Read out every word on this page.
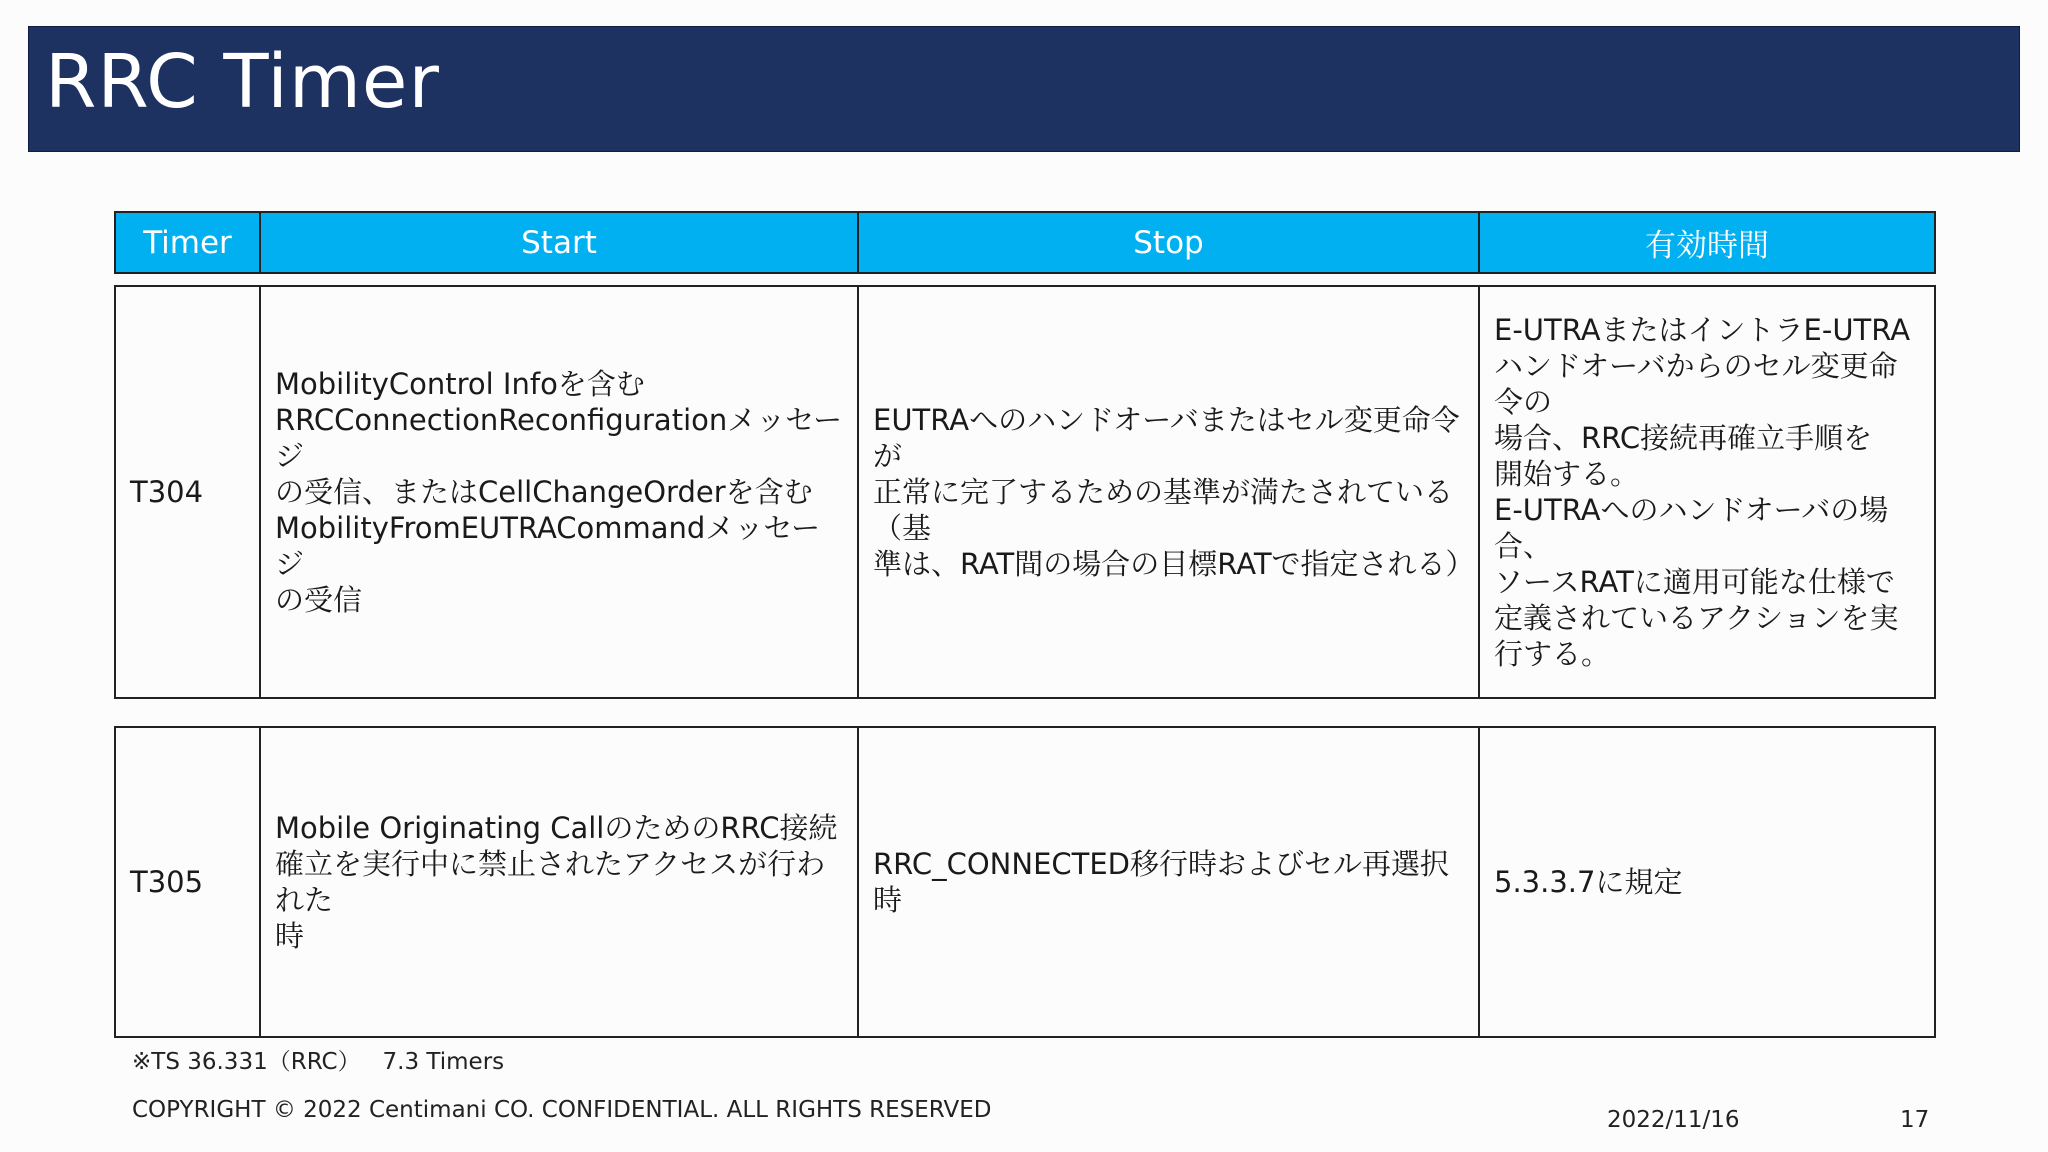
RRC Timer
Timer	Start	Stop	有効時間
T304	MobilityControl Infoを含む
RRCConnectionReconfigurationメッセージ
の受信、またはCellChangeOrderを含む
MobilityFromEUTRACommandメッセージ
の受信	EUTRAへのハンドオーバまたはセル変更命令が
正常に完了するための基準が満たされている（基
準は、RAT間の場合の目標RATで指定される）	E-UTRAまたはイントラE-UTRA
ハンドオーバからのセル変更命令の
場合、RRC接続再確立手順を
開始する。
E-UTRAへのハンドオーバの場合、
ソースRATに適用可能な仕様で
定義されているアクションを実行する。
T305	Mobile Originating CallのためのRRC接続
確立を実行中に禁止されたアクセスが行われた
時	RRC_CONNECTED移行時およびセル再選択
時	5.3.3.7に規定
※TS 36.331（RRC）   7.3 Timers
COPYRIGHT © 2022 Centimani CO. CONFIDENTIAL. ALL RIGHTS RESERVED	2022/11/16	17
